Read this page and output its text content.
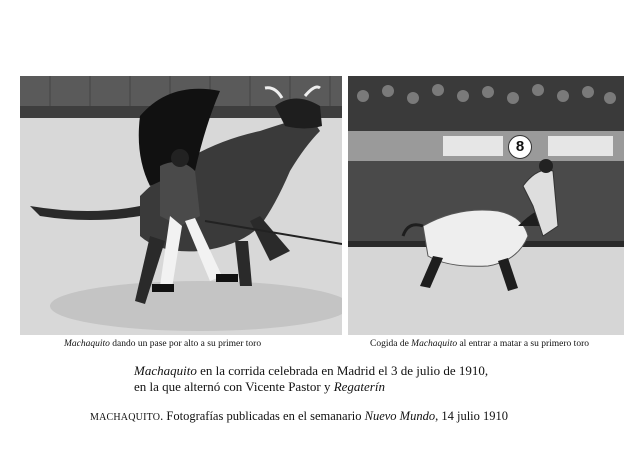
8
Machaquito dando un pase por alto a su primer toro	Cogida de Machaquito al entrar a matar a su primero toro
Machaquito en la corrida celebrada en Madrid el 3 de julio de 1910,
en la que alternó con Vicente Pastor y Regaterín
MACHAQUITO. Fotografías publicadas en el semanario Nuevo Mundo, 14 julio 1910
